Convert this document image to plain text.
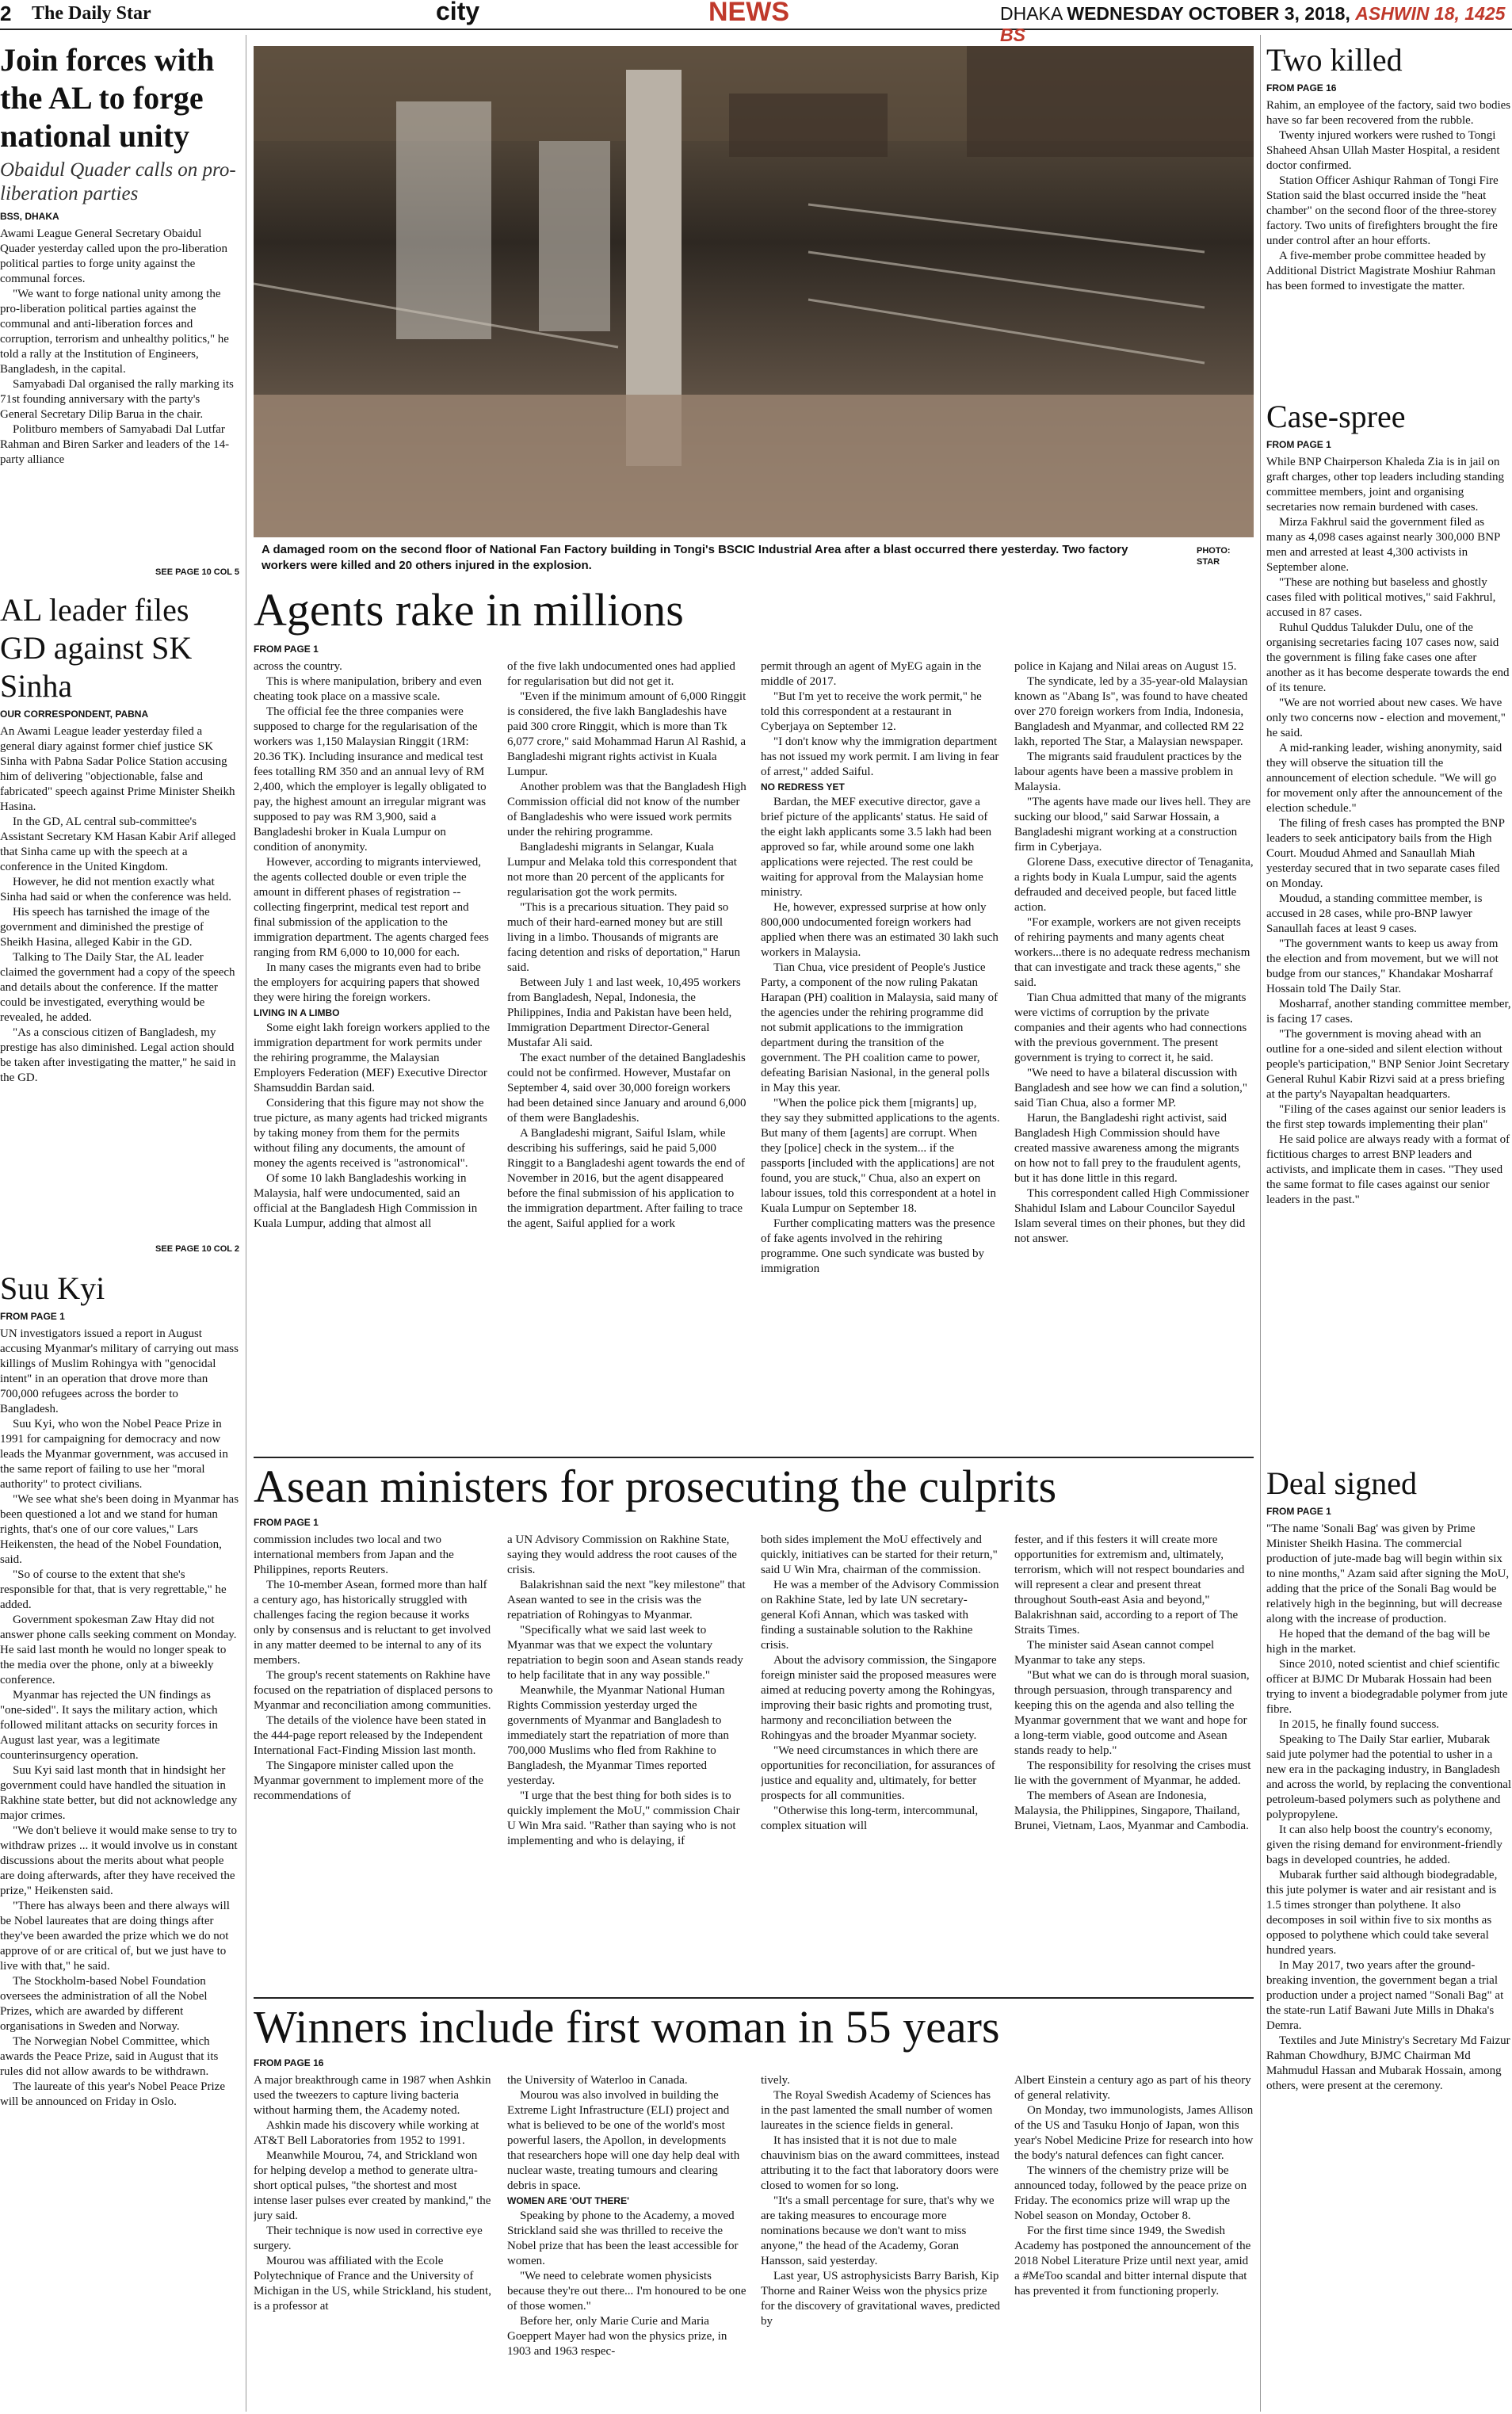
2 The Daily Star	city	NEWS	DHAKA WEDNESDAY OCTOBER 3, 2018, ASHWIN 18, 1425 BS
Join forces with the AL to forge national unity
Obaidul Quader calls on pro-liberation parties
BSS, DHAKA

Awami League General Secretary Obaidul Quader yesterday called upon the pro-liberation political parties to forge unity against the communal forces.

"We want to forge national unity among the pro-liberation political parties against the communal and anti-liberation forces and corruption, terrorism and unhealthy politics," he told a rally at the Institution of Engineers, Bangladesh, in the capital.

Samyabadi Dal organised the rally marking its 71st founding anniversary with the party's General Secretary Dilip Barua in the chair.

Politburo members of Samyabadi Dal Lutfar Rahman and Biren Sarker and leaders of the 14-party alliance

SEE PAGE 10 COL 5
AL leader files GD against SK Sinha
OUR CORRESPONDENT, PABNA

An Awami League leader yesterday filed a general diary against former chief justice SK Sinha with Pabna Sadar Police Station accusing him of delivering "objectionable, false and fabricated" speech against Prime Minister Sheikh Hasina.

In the GD, AL central sub-committee's Assistant Secretary KM Hasan Kabir Arif alleged that Sinha came up with the speech at a conference in the United Kingdom.

However, he did not mention exactly what Sinha had said or when the conference was held.

His speech has tarnished the image of the government and diminished the prestige of Sheikh Hasina, alleged Kabir in the GD.

Talking to The Daily Star, the AL leader claimed the government had a copy of the speech and details about the conference. If the matter could be investigated, everything would be revealed, he added.

"As a conscious citizen of Bangladesh, my prestige has also diminished. Legal action should be taken after investigating the matter," he said in the GD.

SEE PAGE 10 COL 2
Suu Kyi
FROM PAGE 1

UN investigators issued a report in August accusing Myanmar's military of carrying out mass killings of Muslim Rohingya with "genocidal intent" in an operation that drove more than 700,000 refugees across the border to Bangladesh.

Suu Kyi, who won the Nobel Peace Prize in 1991 for campaigning for democracy and now leads the Myanmar government, was accused in the same report of failing to use her "moral authority" to protect civilians.

"We see what she's been doing in Myanmar has been questioned a lot and we stand for human rights, that's one of our core values," Lars Heikensten, the head of the Nobel Foundation, said.

"So of course to the extent that she's responsible for that, that is very regrettable," he added.

Government spokesman Zaw Htay did not answer phone calls seeking comment on Monday. He said last month he would no longer speak to the media over the phone, only at a biweekly conference.

Myanmar has rejected the UN findings as "one-sided". It says the military action, which followed militant attacks on security forces in August last year, was a legitimate counterinsurgency operation.

Suu Kyi said last month that in hindsight her government could have handled the situation in Rakhine state better, but did not acknowledge any major crimes.

"We don't believe it would make sense to try to withdraw prizes ... it would involve us in constant discussions about the merits about what people are doing afterwards, after they have received the prize," Heikensten said.

"There has always been and there always will be Nobel laureates that are doing things after they've been awarded the prize which we do not approve of or are critical of, but we just have to live with that," he said.

The Stockholm-based Nobel Foundation oversees the administration of all the Nobel Prizes, which are awarded by different organisations in Sweden and Norway.

The Norwegian Nobel Committee, which awards the Peace Prize, said in August that its rules did not allow awards to be withdrawn.

The laureate of this year's Nobel Peace Prize will be announced on Friday in Oslo.

A damaged room on the second floor of National Fan Factory building in Tongi's BSCIC Industrial Area after a blast occurred there yesterday. Two factory workers were killed and 20 others injured in the explosion.
PHOTO:
STAR
Agents rake in millions
FROM PAGE 1

across the country.

This is where manipulation, bribery and even cheating took place on a massive scale.

The official fee the three companies were supposed to charge for the regularisation of the workers was 1,150 Malaysian Ringgit (1RM: 20.36 TK). Including insurance and medical test fees totalling RM 350 and an annual levy of RM 2,400, which the employer is legally obligated to pay, the highest amount an irregular migrant was supposed to pay was RM 3,900, said a Bangladeshi broker in Kuala Lumpur on condition of anonymity.

However, according to migrants interviewed, the agents collected double or even triple the amount in different phases of registration -- collecting fingerprint, medical test report and final submission of the application to the immigration department. The agents charged fees ranging from RM 6,000 to 10,000 for each.

In many cases the migrants even had to bribe the employers for acquiring papers that showed they were hiring the foreign workers.

LIVING IN A LIMBO

Some eight lakh foreign workers applied to the immigration department for work permits under the rehiring programme, the Malaysian Employers Federation (MEF) Executive Director Shamsuddin Bardan said.

Considering that this figure may not show the true picture, as many agents had tricked migrants by taking money from them for the permits without filing any documents, the amount of money the agents received is "astronomical".

Of some 10 lakh Bangladeshis working in Malaysia, half were undocumented, said an official at the Bangladesh High Commission in Kuala Lumpur, adding that almost all

of the five lakh undocumented ones had applied for regularisation but did not get it.

"Even if the minimum amount of 6,000 Ringgit is considered, the five lakh Bangladeshis have paid 300 crore Ringgit, which is more than Tk 6,077 crore," said Mohammad Harun Al Rashid, a Bangladeshi migrant rights activist in Kuala Lumpur.

Another problem was that the Bangladesh High Commission official did not know of the number of Bangladeshis who were issued work permits under the rehiring programme.

Bangladeshi migrants in Selangar, Kuala Lumpur and Melaka told this correspondent that not more than 20 percent of the applicants for regularisation got the work permits.

"This is a precarious situation. They paid so much of their hard-earned money but are still living in a limbo. Thousands of migrants are facing detention and risks of deportation," Harun said.

Between July 1 and last week, 10,495 workers from Bangladesh, Nepal, Indonesia, the Philippines, India and Pakistan have been held, Immigration Department Director-General Mustafar Ali said.

The exact number of the detained Bangladeshis could not be confirmed. However, Mustafar on September 4, said over 30,000 foreign workers had been detained since January and around 6,000 of them were Bangladeshis.

A Bangladeshi migrant, Saiful Islam, while describing his sufferings, said he paid 5,000 Ringgit to a Bangladeshi agent towards the end of November in 2016, but the agent disappeared before the final submission of his application to the immigration department. After failing to trace the agent, Saiful applied for a work

permit through an agent of MyEG again in the middle of 2017.

"But I'm yet to receive the work permit," he told this correspondent at a restaurant in Cyberjaya on September 12.

"I don't know why the immigration department has not issued my work permit. I am living in fear of arrest," added Saiful.

NO REDRESS YET

Bardan, the MEF executive director, gave a brief picture of the applicants' status. He said of the eight lakh applicants some 3.5 lakh had been approved so far, while around some one lakh applications were rejected. The rest could be waiting for approval from the Malaysian home ministry.

He, however, expressed surprise at how only 800,000 undocumented foreign workers had applied when there was an estimated 30 lakh such workers in Malaysia.

Tian Chua, vice president of People's Justice Party, a component of the now ruling Pakatan Harapan (PH) coalition in Malaysia, said many of the agencies under the rehiring programme did not submit applications to the immigration department during the transition of the government. The PH coalition came to power, defeating Barisian Nasional, in the general polls in May this year.

"When the police pick them [migrants] up, they say they submitted applications to the agents. But many of them [agents] are corrupt. When they [police] check in the system... if the passports [included with the applications] are not found, you are stuck," Chua, also an expert on labour issues, told this correspondent at a hotel in Kuala Lumpur on September 18.

Further complicating matters was the presence of fake agents involved in the rehiring programme. One such syndicate was busted by immigration

police in Kajang and Nilai areas on August 15.

The syndicate, led by a 35-year-old Malaysian known as "Abang Is", was found to have cheated over 270 foreign workers from India, Indonesia, Bangladesh and Myanmar, and collected RM 22 lakh, reported The Star, a Malaysian newspaper.

The migrants said fraudulent practices by the labour agents have been a massive problem in Malaysia.

"The agents have made our lives hell. They are sucking our blood," said Sarwar Hossain, a Bangladeshi migrant working at a construction firm in Cyberjaya.

Glorene Dass, executive director of Tenaganita, a rights body in Kuala Lumpur, said the agents defrauded and deceived people, but faced little action.

"For example, workers are not given receipts of rehiring payments and many agents cheat workers...there is no adequate redress mechanism that can investigate and track these agents," she said.

Tian Chua admitted that many of the migrants were victims of corruption by the private companies and their agents who had connections with the previous government. The present government is trying to correct it, he said.

"We need to have a bilateral discussion with Bangladesh and see how we can find a solution," said Tian Chua, also a former MP.

Harun, the Bangladeshi right activist, said Bangladesh High Commission should have created massive awareness among the migrants on how not to fall prey to the fraudulent agents, but it has done little in this regard.

This correspondent called High Commissioner Shahidul Islam and Labour Councilor Sayedul Islam several times on their phones, but they did not answer.

Asean ministers for prosecuting the culprits
FROM PAGE 1

commission includes two local and two international members from Japan and the Philippines, reports Reuters.

The 10-member Asean, formed more than half a century ago, has historically struggled with challenges facing the region because it works only by consensus and is reluctant to get involved in any matter deemed to be internal to any of its members.

The group's recent statements on Rakhine have focused on the repatriation of displaced persons to Myanmar and reconciliation among communities.

The details of the violence have been stated in the 444-page report released by the Independent International Fact-Finding Mission last month.

The Singapore minister called upon the Myanmar government to implement more of the recommendations of

a UN Advisory Commission on Rakhine State, saying they would address the root causes of the crisis.

Balakrishnan said the next "key milestone" that Asean wanted to see in the crisis was the repatriation of Rohingyas to Myanmar.

"Specifically what we said last week to Myanmar was that we expect the voluntary repatriation to begin soon and Asean stands ready to help facilitate that in any way possible."

Meanwhile, the Myanmar National Human Rights Commission yesterday urged the governments of Myanmar and Bangladesh to immediately start the repatriation of more than 700,000 Muslims who fled from Rakhine to Bangladesh, the Myanmar Times reported yesterday.

"I urge that the best thing for both sides is to quickly implement the MoU," commission Chair U Win Mra said. "Rather than saying who is not implementing and who is delaying, if

both sides implement the MoU effectively and quickly, initiatives can be started for their return," said U Win Mra, chairman of the commission.

He was a member of the Advisory Commission on Rakhine State, led by late UN secretary-general Kofi Annan, which was tasked with finding a sustainable solution to the Rakhine crisis.

About the advisory commission, the Singapore foreign minister said the proposed measures were aimed at reducing poverty among the Rohingyas, improving their basic rights and promoting trust, harmony and reconciliation between the Rohingyas and the broader Myanmar society.

"We need circumstances in which there are opportunities for reconciliation, for assurances of justice and equality and, ultimately, for better prospects for all communities.

"Otherwise this long-term, intercommunal, complex situation will

fester, and if this festers it will create more opportunities for extremism and, ultimately, terrorism, which will not respect boundaries and will represent a clear and present threat throughout South-east Asia and beyond," Balakrishnan said, according to a report of The Straits Times.

The minister said Asean cannot compel Myanmar to take any steps.

"But what we can do is through moral suasion, through persuasion, through transparency and keeping this on the agenda and also telling the Myanmar government that we want and hope for a long-term viable, good outcome and Asean stands ready to help."

The responsibility for resolving the crises must lie with the government of Myanmar, he added.

The members of Asean are Indonesia, Malaysia, the Philippines, Singapore, Thailand, Brunei, Vietnam, Laos, Myanmar and Cambodia.

Winners include first woman in 55 years
FROM PAGE 16

A major breakthrough came in 1987 when Ashkin used the tweezers to capture living bacteria without harming them, the Academy noted.

Ashkin made his discovery while working at AT&T Bell Laboratories from 1952 to 1991.

Meanwhile Mourou, 74, and Strickland won for helping develop a method to generate ultra-short optical pulses, "the shortest and most intense laser pulses ever created by mankind," the jury said.

Their technique is now used in corrective eye surgery.

Mourou was affiliated with the Ecole Polytechnique of France and the University of Michigan in the US, while Strickland, his student, is a professor at

the University of Waterloo in Canada.

Mourou was also involved in building the Extreme Light Infrastructure (ELI) project and what is believed to be one of the world's most powerful lasers, the Apollon, in developments that researchers hope will one day help deal with nuclear waste, treating tumours and clearing debris in space.

WOMEN ARE 'OUT THERE'

Speaking by phone to the Academy, a moved Strickland said she was thrilled to receive the Nobel prize that has been the least accessible for women.

"We need to celebrate women physicists because they're out there... I'm honoured to be one of those women."

Before her, only Marie Curie and Maria Goeppert Mayer had won the physics prize, in 1903 and 1963 respec-

tively.

The Royal Swedish Academy of Sciences has in the past lamented the small number of women laureates in the science fields in general.

It has insisted that it is not due to male chauvinism bias on the award committees, instead attributing it to the fact that laboratory doors were closed to women for so long.

"It's a small percentage for sure, that's why we are taking measures to encourage more nominations because we don't want to miss anyone," the head of the Academy, Goran Hansson, said yesterday.

Last year, US astrophysicists Barry Barish, Kip Thorne and Rainer Weiss won the physics prize for the discovery of gravitational waves, predicted by

Albert Einstein a century ago as part of his theory of general relativity.

On Monday, two immunologists, James Allison of the US and Tasuku Honjo of Japan, won this year's Nobel Medicine Prize for research into how the body's natural defences can fight cancer.

The winners of the chemistry prize will be announced today, followed by the peace prize on Friday. The economics prize will wrap up the Nobel season on Monday, October 8.

For the first time since 1949, the Swedish Academy has postponed the announcement of the 2018 Nobel Literature Prize until next year, amid a #MeToo scandal and bitter internal dispute that has prevented it from functioning properly.

Two killed
FROM PAGE 16

Rahim, an employee of the factory, said two bodies have so far been recovered from the rubble.

Twenty injured workers were rushed to Tongi Shaheed Ahsan Ullah Master Hospital, a resident doctor confirmed.

Station Officer Ashiqur Rahman of Tongi Fire Station said the blast occurred inside the "heat chamber" on the second floor of the three-storey factory. Two units of firefighters brought the fire under control after an hour efforts.

A five-member probe committee headed by Additional District Magistrate Moshiur Rahman has been formed to investigate the matter.

Case-spree
FROM PAGE 1

While BNP Chairperson Khaleda Zia is in jail on graft charges, other top leaders including standing committee members, joint and organising secretaries now remain burdened with cases.

Mirza Fakhrul said the government filed as many as 4,098 cases against nearly 300,000 BNP men and arrested at least 4,300 activists in September alone.

"These are nothing but baseless and ghostly cases filed with political motives," said Fakhrul, accused in 87 cases.

Ruhul Quddus Talukder Dulu, one of the organising secretaries facing 107 cases now, said the government is filing fake cases one after another as it has become desperate towards the end of its tenure.

"We are not worried about new cases. We have only two concerns now - election and movement," he said.

A mid-ranking leader, wishing anonymity, said they will observe the situation till the announcement of election schedule. "We will go for movement only after the announcement of the election schedule."

The filing of fresh cases has prompted the BNP leaders to seek anticipatory bails from the High Court. Moudud Ahmed and Sanaullah Miah yesterday secured that in two separate cases filed on Monday.

Moudud, a standing committee member, is accused in 28 cases, while pro-BNP lawyer Sanaullah faces at least 9 cases.

"The government wants to keep us away from the election and from movement, but we will not budge from our stances," Khandakar Mosharraf Hossain told The Daily Star.

Mosharraf, another standing committee member, is facing 17 cases.

"The government is moving ahead with an outline for a one-sided and silent election without people's participation," BNP Senior Joint Secretary General Ruhul Kabir Rizvi said at a press briefing at the party's Nayapaltan headquarters.

"Filing of the cases against our senior leaders is the first step towards implementing their plan"

He said police are always ready with a format of fictitious charges to arrest BNP leaders and activists, and implicate them in cases. "They used the same format to file cases against our senior leaders in the past."

Deal signed
FROM PAGE 1

"The name 'Sonali Bag' was given by Prime Minister Sheikh Hasina. The commercial production of jute-made bag will begin within six to nine months," Azam said after signing the MoU, adding that the price of the Sonali Bag would be relatively high in the beginning, but will decrease along with the increase of production.

He hoped that the demand of the bag will be high in the market.

Since 2010, noted scientist and chief scientific officer at BJMC Dr Mubarak Hossain had been trying to invent a biodegradable polymer from jute fibre.

In 2015, he finally found success.

Speaking to The Daily Star earlier, Mubarak said jute polymer had the potential to usher in a new era in the packaging industry, in Bangladesh and across the world, by replacing the conventional petroleum-based polymers such as polythene and polypropylene.

It can also help boost the country's economy, given the rising demand for environment-friendly bags in developed countries, he added.

Mubarak further said although biodegradable, this jute polymer is water and air resistant and is 1.5 times stronger than polythene. It also decomposes in soil within five to six months as opposed to polythene which could take several hundred years.

In May 2017, two years after the ground-breaking invention, the government began a trial production under a project named "Sonali Bag" at the state-run Latif Bawani Jute Mills in Dhaka's Demra.

Textiles and Jute Ministry's Secretary Md Faizur Rahman Chowdhury, BJMC Chairman Md Mahmudul Hassan and Mubarak Hossain, among others, were present at the ceremony.
